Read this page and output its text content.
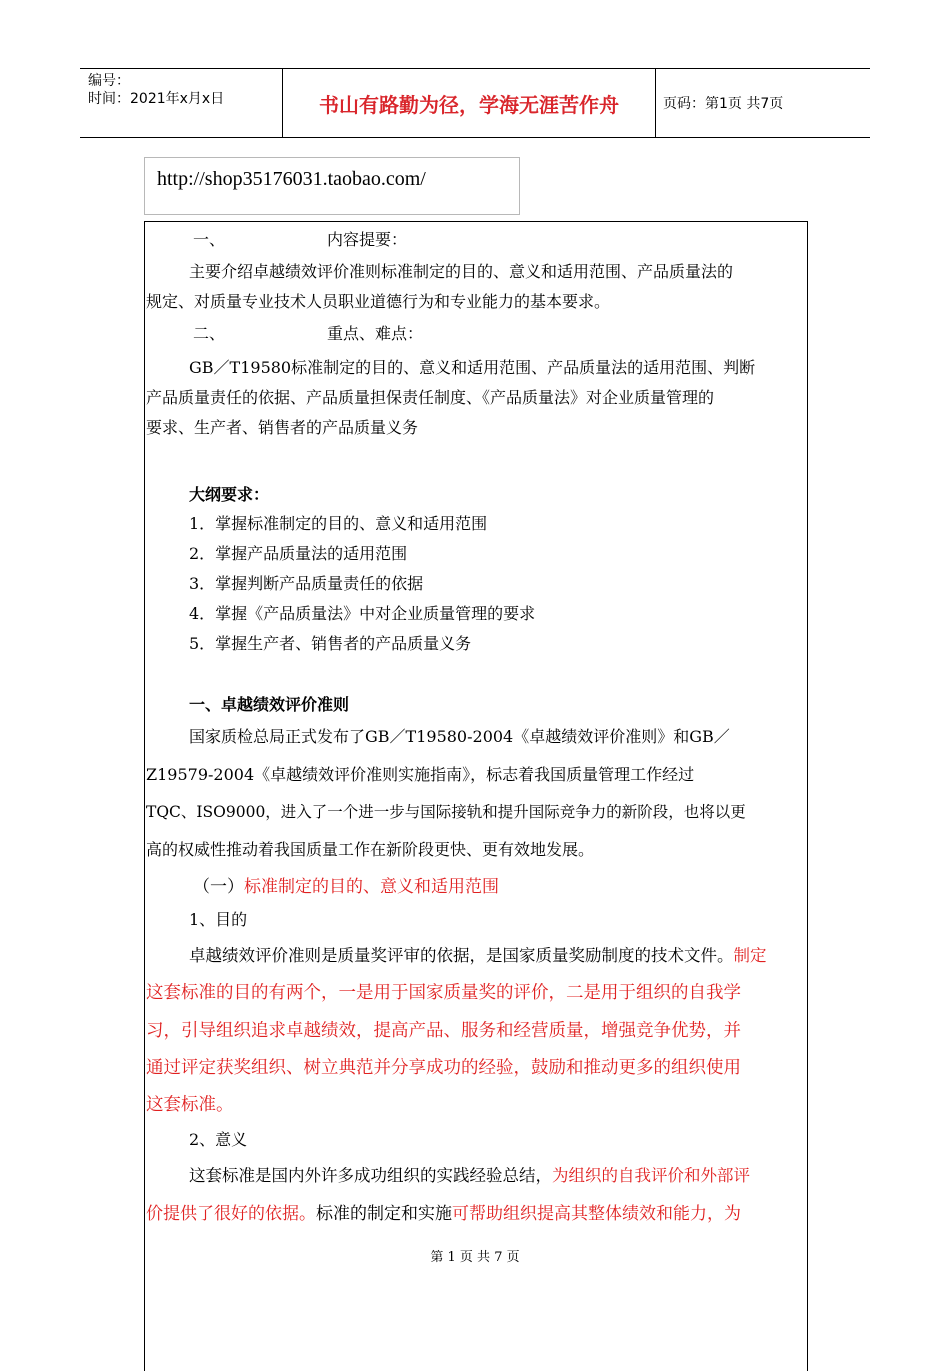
编号：
时间：2021年x月x日	书山有路勤为径，学海无涯苦作舟	页码：第1页 共7页
http://shop35176031.taobao.com/
一、	内容提要：
主要介绍卓越绩效评价准则标准制定的目的、意义和适用范围、产品质量法的
规定、对质量专业技术人员职业道德行为和专业能力的基本要求。
二、	重点、难点：
GB／T19580标准制定的目的、意义和适用范围、产品质量法的适用范围、判断
产品质量责任的依据、产品质量担保责任制度、《产品质量法》对企业质量管理的
要求、生产者、销售者的产品质量义务
大纲要求：
1．掌握标准制定的目的、意义和适用范围
2．掌握产品质量法的适用范围
3．掌握判断产品质量责任的依据
4．掌握《产品质量法》中对企业质量管理的要求
5．掌握生产者、销售者的产品质量义务
一、卓越绩效评价准则
国家质检总局正式发布了GB／T19580-2004《卓越绩效评价准则》和GB／
Z19579-2004《卓越绩效评价准则实施指南》，标志着我国质量管理工作经过
TQC、ISO9000，进入了一个进一步与国际接轨和提升国际竞争力的新阶段，也将以更
高的权威性推动着我国质量工作在新阶段更快、更有效地发展。
（一）标准制定的目的、意义和适用范围
1、目的
卓越绩效评价准则是质量奖评审的依据，是国家质量奖励制度的技术文件。制定
这套标准的目的有两个，一是用于国家质量奖的评价，二是用于组织的自我学
习，引导组织追求卓越绩效，提高产品、服务和经营质量，增强竞争优势，并
通过评定获奖组织、树立典范并分享成功的经验，鼓励和推动更多的组织使用
这套标准。
2、意义
这套标准是国内外许多成功组织的实践经验总结，为组织的自我评价和外部评
价提供了很好的依据。标准的制定和实施可帮助组织提高其整体绩效和能力，为
第 1 页 共 7 页
